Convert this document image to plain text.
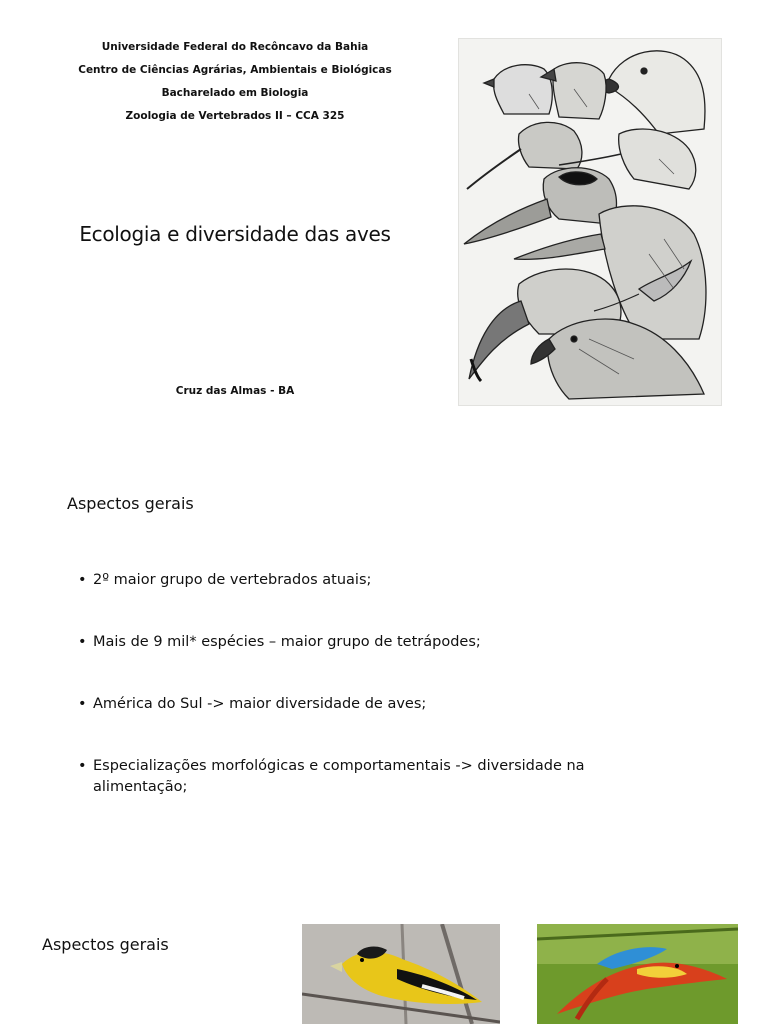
Universidade Federal do Recôncavo da Bahia
Centro de Ciências Agrárias, Ambientais e Biológicas
Bacharelado em Biologia
Zoologia de Vertebrados II – CCA 325
Ecologia e diversidade das aves
Cruz das Almas - BA
Aspectos gerais
• 2º maior grupo de vertebrados atuais;
• Mais de 9 mil* espécies – maior grupo de tetrápodes;
• América do Sul -> maior diversidade de aves;
• Especializações morfológicas e comportamentais -> diversidade na alimentação;
Aspectos gerais
